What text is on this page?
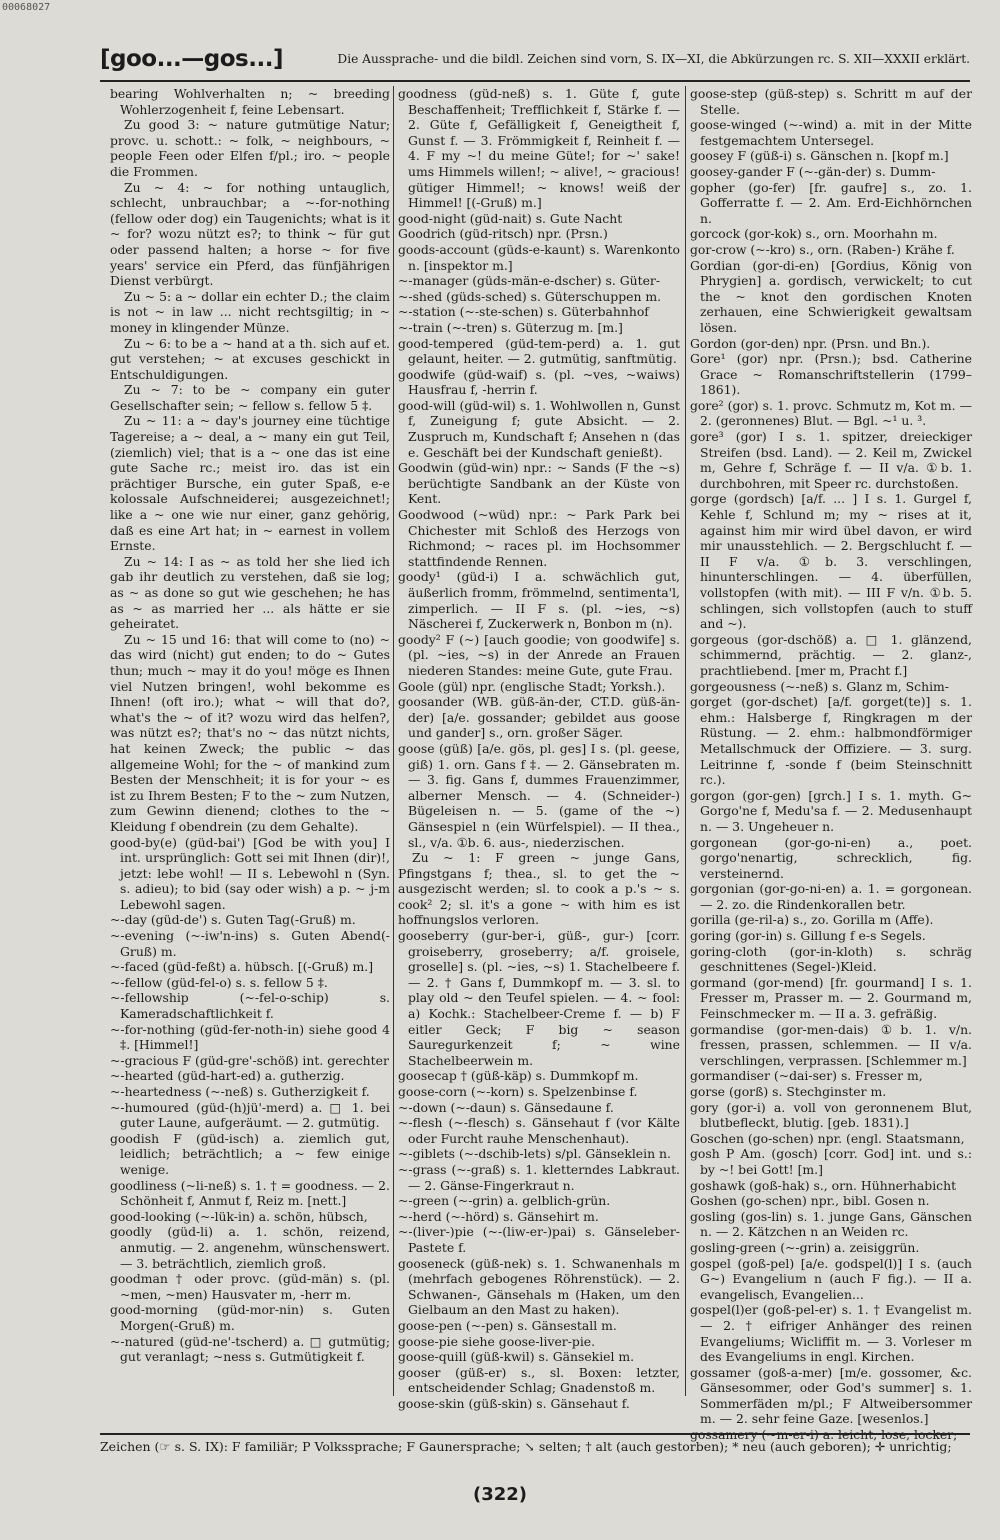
00068027
[goo...—gos...]	Die Aussprache- und die bildl. Zeichen sind vorn, S. IX—XI, die Abkürzungen rc. S. XII—XXXII erklärt.
bearing Wohlverhalten n; ~ breeding Wohlerzogenheit f, feine Lebensart.
Zu good 3: ~ nature gutmütige Natur; provc. u. schott.: ~ folk, ~ neighbours, ~ people Feen oder Elfen f/pl.; iro. ~ people die Frommen.
Zu ~ 4: ~ for nothing untauglich, schlecht, unbrauchbar; a ~-for-nothing (fellow oder dog) ein Taugenichts; what is it ~ for? wozu nützt es?; to think ~ für gut oder passend halten; a horse ~ for five years' service ein Pferd, das fünfjährigen Dienst verbürgt.
Zu ~ 5: a ~ dollar ein echter D.; the claim is not ~ in law ... nicht rechtsgiltig; in ~ money in klingender Münze.
Zu ~ 6: to be a ~ hand at a th. sich auf et. gut verstehen; ~ at excuses geschickt in Entschuldigungen.
Zu ~ 7: to be ~ company ein guter Gesellschafter sein; ~ fellow s. fellow 5 ‡.
Zu ~ 11: a ~ day's journey eine tüchtige Tagereise; a ~ deal, a ~ many ein gut Teil, (ziemlich) viel; that is a ~ one das ist eine gute Sache rc.; meist iro. das ist ein prächtiger Bursche, ein guter Spaß, e-e kolossale Aufschneiderei; ausgezeichnet!; like a ~ one wie nur einer, ganz gehörig, daß es eine Art hat; in ~ earnest in vollem Ernste.
Zu ~ 14: I as ~ as told her she lied ich gab ihr deutlich zu verstehen, daß sie log; as ~ as done so gut wie geschehen; he has as ~ as married her ... als hätte er sie geheiratet.
Zu ~ 15 und 16: that will come to (no) ~ das wird (nicht) gut enden; to do ~ Gutes thun; much ~ may it do you! möge es Ihnen viel Nutzen bringen!, wohl bekomme es Ihnen! (oft iro.); what ~ will that do?, what's the ~ of it? wozu wird das helfen?, was nützt es?; that's no ~ das nützt nichts, hat keinen Zweck; the public ~ das allgemeine Wohl; for the ~ of mankind zum Besten der Menschheit; it is for your ~ es ist zu Ihrem Besten; F to the ~ zum Nutzen, zum Gewinn dienend; clothes to the ~ Kleidung f obendrein (zu dem Gehalte).
good-by(e) (güd-bai') [God be with you] I int. ursprünglich: Gott sei mit Ihnen (dir)!, jetzt: lebe wohl! — II s. Lebewohl n (Syn. s. adieu); to bid (say oder wish) a p. ~ j-m Lebewohl sagen.
~-day (güd-de') s. Guten Tag(-Gruß) m.
~-evening (~-iw'n-ins) s. Guten Abend(-Gruß) m.
~-faced (güd-feßt) a. hübsch. [(-Gruß) m.]
~-fellow (güd-fel-o) s. s. fellow 5 ‡.
~-fellowship (~-fel-o-schip) s. Kameradschaftlichkeit f.
~-for-nothing (güd-fer-noth-in) siehe good 4 ‡. [Himmel!]
~-gracious F (güd-gre'-schöß) int. gerechter
~-hearted (güd-hart-ed) a. gutherzig.
~-heartedness (~-neß) s. Gutherzigkeit f.
~-humoured (güd-(h)jü'-merd) a. □ 1. bei guter Laune, aufgeräumt. — 2. gutmütig.
goodish F (güd-isch) a. ziemlich gut, leidlich; beträchtlich; a ~ few einige wenige.
goodliness (~li-neß) s. 1. † = goodness. — 2. Schönheit f, Anmut f, Reiz m. [nett.]
good-looking (~-lük-in) a. schön, hübsch,
goodly (güd-li) a. 1. schön, reizend, anmutig. — 2. angenehm, wünschenswert. — 3. beträchtlich, ziemlich groß.
goodman † oder provc. (güd-män) s. (pl. ~men, ~men) Hausvater m, -herr m.
good-morning (güd-mor-nin) s. Guten Morgen(-Gruß) m.
~-natured (güd-ne'-tscherd) a. □ gutmütig; gut veranlagt; ~ness s. Gutmütigkeit f.
goodness (güd-neß) s. 1. Güte f, gute Beschaffenheit; Trefflichkeit f, Stärke f. — 2. Güte f, Gefälligkeit f, Geneigtheit f, Gunst f. — 3. Frömmigkeit f, Reinheit f. — 4. F my ~! du meine Güte!; for ~' sake! ums Himmels willen!; ~ alive!, ~ gracious! gütiger Himmel!; ~ knows! weiß der Himmel! [(-Gruß) m.]
good-night (güd-nait) s. Gute Nacht
Goodrich (güd-ritsch) npr. (Prsn.)
goods-account (güds-e-kaunt) s. Warenkonto n. [inspektor m.]
~-manager (güds-män-e-dscher) s. Güter-
~-shed (güds-sched) s. Güterschuppen m.
~-station (~-ste-schen) s. Güterbahnhof
~-train (~-tren) s. Güterzug m. [m.]
good-tempered (güd-tem-perd) a. 1. gut gelaunt, heiter. — 2. gutmütig, sanftmütig.
goodwife (güd-waif) s. (pl. ~ves, ~waiws) Hausfrau f, -herrin f.
good-will (güd-wil) s. 1. Wohlwollen n, Gunst f, Zuneigung f; gute Absicht. — 2. Zuspruch m, Kundschaft f; Ansehen n (das e. Geschäft bei der Kundschaft genießt).
Goodwin (güd-win) npr.: ~ Sands (F the ~s) berüchtigte Sandbank an der Küste von Kent.
Goodwood (~wüd) npr.: ~ Park Park bei Chichester mit Schloß des Herzogs von Richmond; ~ races pl. im Hochsommer stattfindende Rennen.
goody¹ (güd-i) I a. schwächlich gut, äußerlich fromm, frömmelnd, sentimenta'l, zimperlich. — II F s. (pl. ~ies, ~s) Näscherei f, Zuckerwerk n, Bonbon m (n).
goody² F (~) [auch goodie; von goodwife] s. (pl. ~ies, ~s) in der Anrede an Frauen niederen Standes: meine Gute, gute Frau.
Goole (gül) npr. (englische Stadt; Yorksh.).
goosander (WB. güß-än-der, CT.D. güß-än-der) [a/e. gossander; gebildet aus goose und gander] s., orn. großer Säger.
goose (güß) [a/e. gös, pl. ges] I s. (pl. geese, giß) 1. orn. Gans f ‡. — 2. Gänsebraten m. — 3. fig. Gans f, dummes Frauenzimmer, alberner Mensch. — 4. (Schneider-) Bügeleisen n. — 5. (game of the ~) Gänsespiel n (ein Würfelspiel). — II thea., sl., v/a. ①b. 6. aus-, niederzischen.
Zu ~ 1: F green ~ junge Gans, Pfingstgans f; thea., sl. to get the ~ ausgezischt werden; sl. to cook a p.'s ~ s. cook² 2; sl. it's a gone ~ with him es ist hoffnungslos verloren.
gooseberry (gur-ber-i, güß-, gur-) [corr. groiseberry, groseberry; a/f. groisele, groselle] s. (pl. ~ies, ~s) 1. Stachelbeere f. — 2. † Gans f, Dummkopf m. — 3. sl. to play old ~ den Teufel spielen. — 4. ~ fool: a) Kochk.: Stachelbeer-Creme f. — b) F eitler Geck; F big ~ season Sauregurkenzeit f; ~ wine Stachelbeerwein m.
goosecap † (güß-käp) s. Dummkopf m.
goose-corn (~-korn) s. Spelzenbinse f.
~-down (~-daun) s. Gänsedaune f.
~-flesh (~-flesch) s. Gänsehaut f (vor Kälte oder Furcht rauhe Menschenhaut).
~-giblets (~-dschib-lets) s/pl. Gänseklein n.
~-grass (~-graß) s. 1. kletterndes Labkraut. — 2. Gänse-Fingerkraut n.
~-green (~-grin) a. gelblich-grün.
~-herd (~-hörd) s. Gänsehirt m.
~-(liver-)pie (~-(liw-er-)pai) s. Gänseleber-Pastete f.
gooseneck (güß-nek) s. 1. Schwanenhals m (mehrfach gebogenes Röhrenstück). — 2. Schwanen-, Gänsehals m (Haken, um den Gielbaum an den Mast zu haken).
goose-pen (~-pen) s. Gänsestall m.
goose-pie siehe goose-liver-pie.
goose-quill (güß-kwil) s. Gänsekiel m.
gooser (güß-er) s., sl. Boxen: letzter, entscheidender Schlag; Gnadenstoß m.
goose-skin (güß-skin) s. Gänsehaut f.
goose-step (güß-step) s. Schritt m auf der Stelle.
goose-winged (~-wind) a. mit in der Mitte festgemachtem Untersegel.
goosey F (güß-i) s. Gänschen n. [kopf m.]
goosey-gander F (~-gän-der) s. Dumm-
gopher (go-fer) [fr. gaufre] s., zo. 1. Gofferratte f. — 2. Am. Erd-Eichhörnchen n.
gorcock (gor-kok) s., orn. Moorhahn m.
gor-crow (~-kro) s., orn. (Raben-) Krähe f.
Gordian (gor-di-en) [Gordius, König von Phrygien] a. gordisch, verwickelt; to cut the ~ knot den gordischen Knoten zerhauen, eine Schwierigkeit gewaltsam lösen.
Gordon (gor-den) npr. (Prsn. und Bn.).
Gore¹ (gor) npr. (Prsn.); bsd. Catherine Grace ~ Romanschriftstellerin (1799–1861).
gore² (gor) s. 1. provc. Schmutz m, Kot m. — 2. (geronnenes) Blut. — Bgl. ~¹ u. ³.
gore³ (gor) I s. 1. spitzer, dreieckiger Streifen (bsd. Land). — 2. Keil m, Zwickel m, Gehre f, Schräge f. — II v/a. ①b. 1. durchbohren, mit Speer rc. durchstoßen.
gorge (gordsch) [a/f. ... ] I s. 1. Gurgel f, Kehle f, Schlund m; my ~ rises at it, against him mir wird übel davon, er wird mir unausstehlich. — 2. Bergschlucht f. — II F v/a. ①b. 3. verschlingen, hinunterschlingen. — 4. überfüllen, vollstopfen (with mit). — III F v/n. ①b. 5. schlingen, sich vollstopfen (auch to stuff and ~).
gorgeous (gor-dschöß) a. □ 1. glänzend, schimmernd, prächtig. — 2. glanz-, prachtliebend. [mer m, Pracht f.]
gorgeousness (~-neß) s. Glanz m, Schim-
gorget (gor-dschet) [a/f. gorget(te)] s. 1. ehm.: Halsberge f, Ringkragen m der Rüstung. — 2. ehm.: halbmondförmiger Metallschmuck der Offiziere. — 3. surg. Leitrinne f, -sonde f (beim Steinschnitt rc.).
gorgon (gor-gen) [grch.] I s. 1. myth. G~ Gorgo'ne f, Medu'sa f. — 2. Medusenhaupt n. — 3. Ungeheuer n.
gorgonean (gor-go-ni-en) a., poet. gorgo'nenartig, schrecklich, fig. versteinernd.
gorgonian (gor-go-ni-en) a. 1. = gorgonean. — 2. zo. die Rindenkorallen betr.
gorilla (ge-ril-a) s., zo. Gorilla m (Affe).
goring (gor-in) s. Gillung f e-s Segels.
goring-cloth (gor-in-kloth) s. schräg geschnittenes (Segel-)Kleid.
gormand (gor-mend) [fr. gourmand] I s. 1. Fresser m, Prasser m. — 2. Gourmand m, Feinschmecker m. — II a. 3. gefräßig.
gormandise (gor-men-dais) ①b. 1. v/n. fressen, prassen, schlemmen. — II v/a. verschlingen, verprassen. [Schlemmer m.]
gormandiser (~dai-ser) s. Fresser m,
gorse (gorß) s. Stechginster m.
gory (gor-i) a. voll von geronnenem Blut, blutbefleckt, blutig. [geb. 1831).]
Goschen (go-schen) npr. (engl. Staatsmann,
gosh P Am. (gosch) [corr. God] int. und s.: by ~! bei Gott! [m.]
goshawk (goß-hak) s., orn. Hühnerhabicht
Goshen (go-schen) npr., bibl. Gosen n.
gosling (gos-lin) s. 1. junge Gans, Gänschen n. — 2. Kätzchen n an Weiden rc.
gosling-green (~-grin) a. zeisiggrün.
gospel (goß-pel) [a/e. godspel(l)] I s. (auch G~) Evangelium n (auch F fig.). — II a. evangelisch, Evangelien...
gospel(l)er (goß-pel-er) s. 1. † Evangelist m. — 2. † eifriger Anhänger des reinen Evangeliums; Wicliffit m. — 3. Vorleser m des Evangeliums in engl. Kirchen.
gossamer (goß-a-mer) [m/e. gossomer, &c. Gänsesommer, oder God's summer] s. 1. Sommerfäden m/pl.; F Altweibersommer m. — 2. sehr feine Gaze. [wesenlos.]
gossamery (~m-er-i) a. leicht, lose, locker;
Zeichen (☞ s. S. IX): F familiär; P Volkssprache; F Gaunersprache; ↘ selten; † alt (auch gestorben); * neu (auch geboren); ✛ unrichtig;
(322)
